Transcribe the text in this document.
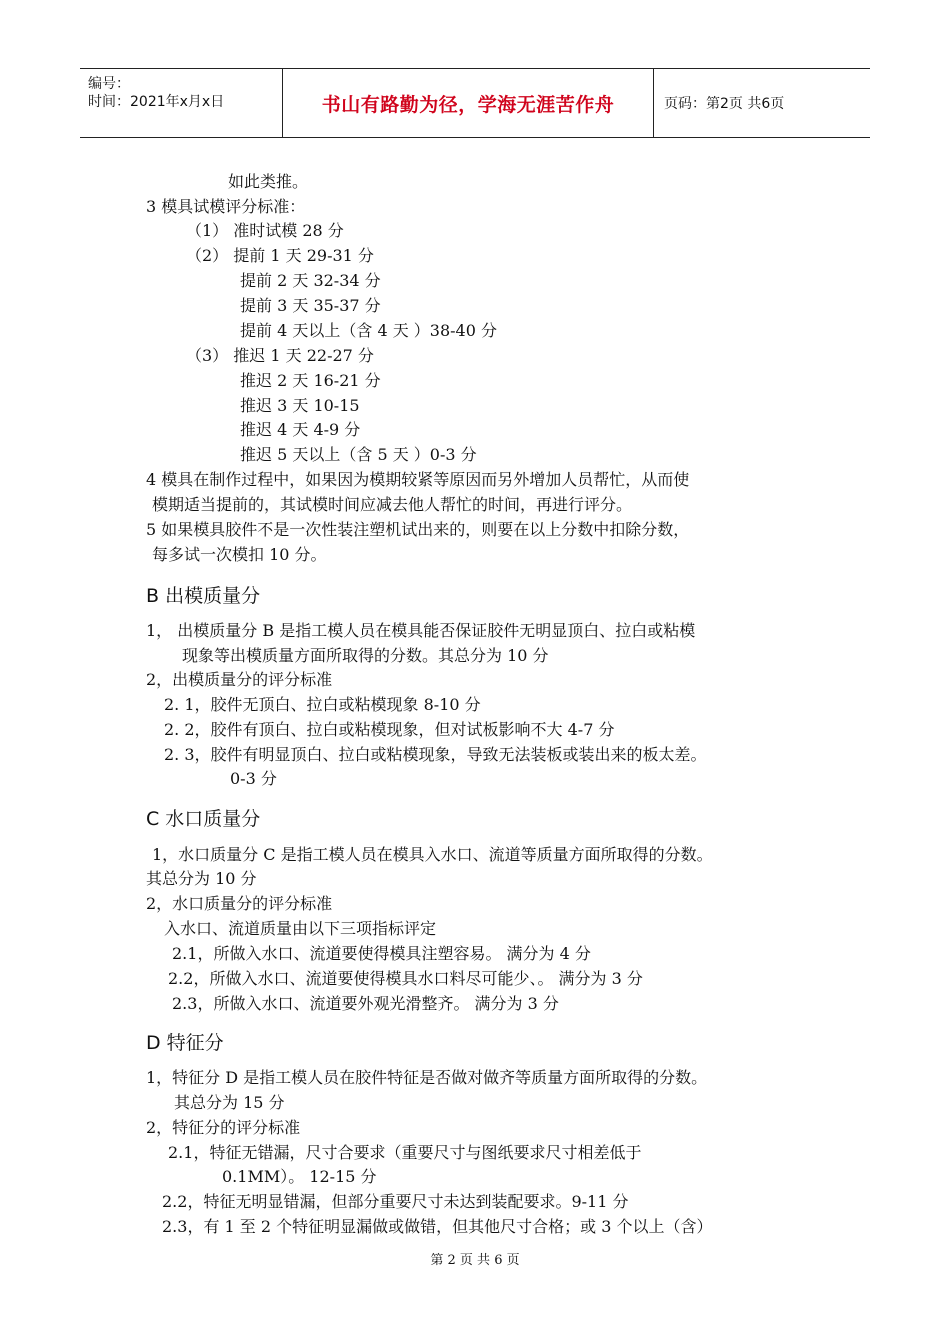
编号：
时间：2021年x月x日	书山有路勤为径，学海无涯苦作舟	页码：第2页 共6页
如此类推。
3 模具试模评分标准：
（1） 准时试模 28 分
（2） 提前 1 天 29-31 分
提前 2 天 32-34 分
提前 3 天 35-37 分
提前 4 天以上（含 4 天 ）38-40 分
（3） 推迟 1 天 22-27 分
推迟 2 天 16-21 分
推迟 3 天 10-15
推迟 4 天 4-9 分
推迟 5 天以上（含 5 天 ）0-3 分
4 模具在制作过程中，如果因为模期较紧等原因而另外增加人员帮忙，从而使
模期适当提前的，其试模时间应减去他人帮忙的时间，再进行评分。
5 如果模具胶件不是一次性装注塑机试出来的，则要在以上分数中扣除分数，
每多试一次模扣 10 分。
B 出模质量分
1， 出模质量分 B 是指工模人员在模具能否保证胶件无明显顶白、拉白或粘模
现象等出模质量方面所取得的分数。其总分为 10 分
2，出模质量分的评分标准
2. 1，胶件无顶白、拉白或粘模现象 8-10 分
2. 2，胶件有顶白、拉白或粘模现象，但对试板影响不大 4-7 分
2. 3，胶件有明显顶白、拉白或粘模现象，导致无法装板或装出来的板太差。
0-3 分
C 水口质量分
1，水口质量分 C 是指工模人员在模具入水口、流道等质量方面所取得的分数。
其总分为 10 分
2，水口质量分的评分标准
入水口、流道质量由以下三项指标评定
2.1，所做入水口、流道要使得模具注塑容易。 满分为 4 分
2.2，所做入水口、流道要使得模具水口料尽可能少、。 满分为 3 分
2.3，所做入水口、流道要外观光滑整齐。 满分为 3 分
D 特征分
1，特征分 D 是指工模人员在胶件特征是否做对做齐等质量方面所取得的分数。
其总分为 15 分
2，特征分的评分标准
2.1，特征无错漏，尺寸合要求（重要尺寸与图纸要求尺寸相差低于
0.1MM）。 12-15 分
2.2，特征无明显错漏，但部分重要尺寸未达到装配要求。9-11 分
2.3，有 1 至 2 个特征明显漏做或做错，但其他尺寸合格；或 3 个以上（含）
第 2 页 共 6 页
